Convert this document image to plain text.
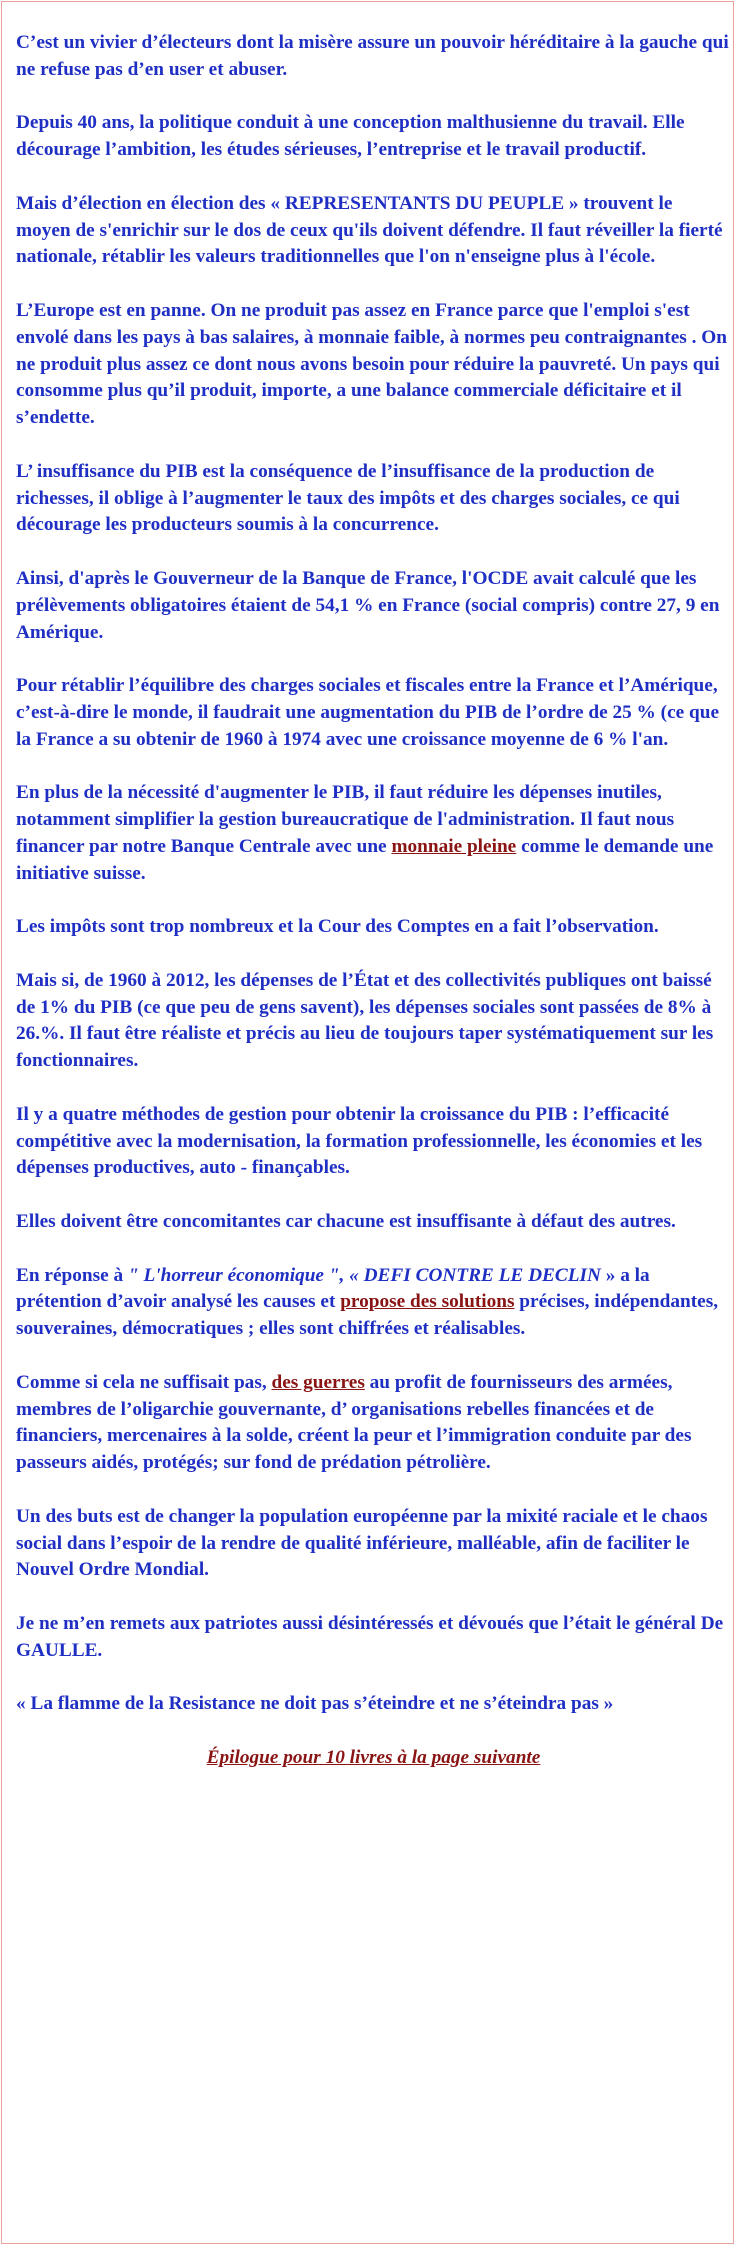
C’est un vivier d’électeurs dont la misère assure un pouvoir héréditaire à la gauche qui ne refuse pas d’en user et abuser.

Depuis 40 ans, la politique conduit à une conception malthusienne du travail. Elle décourage l’ambition, les études sérieuses, l’entreprise et le travail productif.

Mais d’élection en élection des « REPRESENTANTS DU PEUPLE » trouvent le moyen de s'enrichir sur le dos de ceux qu'ils doivent défendre. Il faut réveiller la fierté nationale, rétablir les valeurs traditionnelles que l'on n'enseigne plus à l'école.

L’Europe est en panne. On ne produit pas assez en France parce que l'emploi s'est envolé dans les pays à bas salaires, à monnaie faible, à normes peu contraignantes . On ne produit plus assez ce dont nous avons besoin pour réduire la pauvreté. Un pays qui consomme plus qu’il produit, importe, a une balance commerciale déficitaire et il s’endette.

L’ insuffisance du PIB est la conséquence de l’insuffisance de la production de richesses, il oblige à l’augmenter le taux des impôts et des charges sociales, ce qui décourage les producteurs soumis à la concurrence.

Ainsi, d'après le Gouverneur de la Banque de France, l'OCDE avait calculé que les prélèvements obligatoires étaient de 54,1 % en France (social compris) contre 27, 9 en Amérique.

Pour rétablir l’équilibre des charges sociales et fiscales entre la France et l’Amérique, c’est-à-dire le monde, il faudrait une augmentation du PIB de l’ordre de 25 % (ce que la France a su obtenir de 1960 à 1974 avec une croissance moyenne de 6 % l'an.

En plus de la nécessité d'augmenter le PIB, il faut réduire les dépenses inutiles, notamment simplifier la gestion bureaucratique de l'administration. Il faut nous financer par notre Banque Centrale avec une monnaie pleine comme le demande une initiative suisse.

Les impôts sont trop nombreux et la Cour des Comptes en a fait l’observation.

Mais si, de 1960 à 2012, les dépenses de l’État et des collectivités publiques ont baissé de 1% du PIB (ce que peu de gens savent), les dépenses sociales sont passées de 8% à 26.%. Il faut être réaliste et précis au lieu de toujours taper systématiquement sur les fonctionnaires.

Il y a quatre méthodes de gestion pour obtenir la croissance du PIB : l’efficacité compétitive avec la modernisation, la formation professionnelle, les économies et les dépenses productives, auto - finançables.

Elles doivent être concomitantes car chacune est insuffisante à défaut des autres.

En réponse à " L'horreur économique ", « DEFI CONTRE LE DECLIN » a la prétention d’avoir analysé les causes et propose des solutions précises, indépendantes, souveraines, démocratiques ; elles sont chiffrées et réalisables.

Comme si cela ne suffisait pas, des guerres au profit de fournisseurs des armées, membres de l’oligarchie gouvernante, d’ organisations rebelles financées et de financiers, mercenaires à la solde, créent la peur et l’immigration conduite par des passeurs aidés, protégés; sur fond de prédation pétrolière.

Un des buts est de changer la population européenne par la mixité raciale et le chaos social dans l’espoir de la rendre de qualité inférieure, malléable, afin de faciliter le Nouvel Ordre Mondial.

Je ne m’en remets aux patriotes aussi désintéressés et dévoués que l’était le général De GAULLE.

« La flamme de la Resistance ne doit pas s’éteindre et ne s’éteindra pas »

Épilogue pour 10 livres à la page suivante
